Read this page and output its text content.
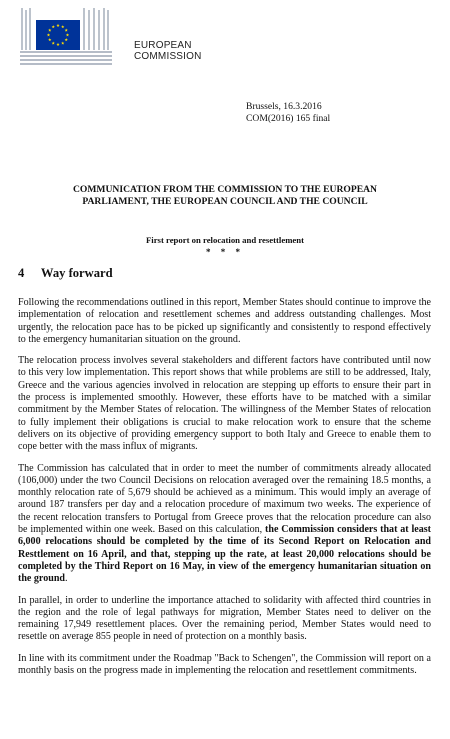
EUROPEAN
COMMISSION
Brussels, 16.3.2016
COM(2016) 165 final
COMMUNICATION FROM THE COMMISSION TO THE EUROPEAN
PARLIAMENT, THE EUROPEAN COUNCIL AND THE COUNCIL
First report on relocation and resettlement
* * *
4 Way forward

Following the recommendations outlined in this report, Member States should continue to improve the implementation of relocation and resettlement schemes and address outstanding challenges. Most urgently, the relocation pace has to be picked up significantly and consistently to respond effectively to the emergency humanitarian situation on the ground.

The relocation process involves several stakeholders and different factors have contributed until now to this very low implementation. This report shows that while problems are still to be addressed, Italy, Greece and the various agencies involved in relocation are stepping up efforts to ensure their part in the process is implemented smoothly. However, these efforts have to be matched with a similar commitment by the Member States of relocation. The willingness of the Member States of relocation to fully implement their obligations is crucial to make relocation work to ensure that the scheme delivers on its objective of providing emergency support to both Italy and Greece to enable them to cope better with the mass influx of migrants.

The Commission has calculated that in order to meet the number of commitments already allocated (106,000) under the two Council Decisions on relocation averaged over the remaining 18.5 months, a monthly relocation rate of 5,679 should be achieved as a minimum. This would imply an average of around 187 transfers per day and a relocation procedure of maximum two weeks. The experience of the recent relocation transfers to Portugal from Greece proves that the relocation procedure can also be implemented within one week. Based on this calculation, the Commission considers that at least 6,000 relocations should be completed by the time of its Second Report on Relocation and Resttlement on 16 April, and that, stepping up the rate, at least 20,000 relocations should be completed by the Third Report on 16 May, in view of the emergency humanitarian situation on the ground.

In parallel, in order to underline the importance attached to solidarity with affected third countries in the region and the role of legal pathways for migration, Member States need to deliver on the remaining 17,949 resettlement places. Over the remaining period, Member States would need to resettle on average 855 people in need of protection on a monthly basis.

In line with its commitment under the Roadmap "Back to Schengen", the Commission will report on a monthly basis on the progress made in implementing the relocation and resettlement commitments.
